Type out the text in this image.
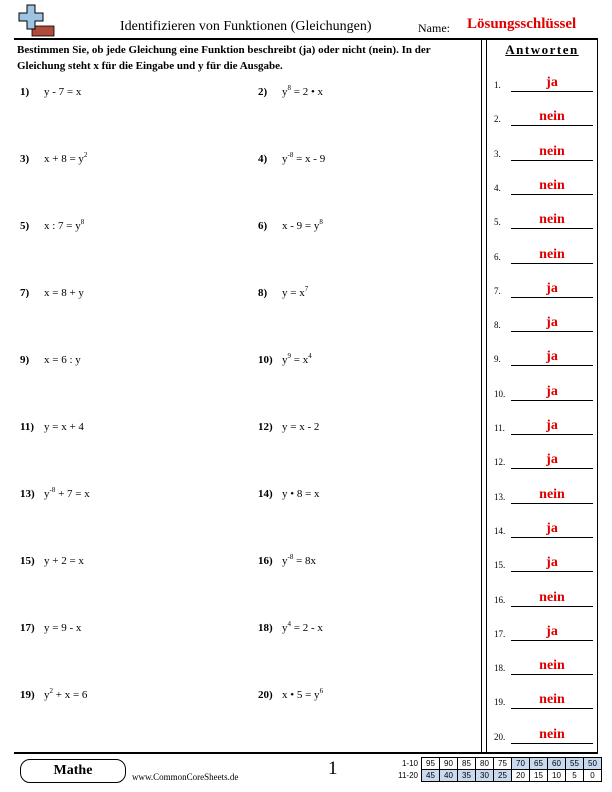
Identifizieren von Funktionen (Gleichungen)	Name: Lösungsschlüssel
Bestimmen Sie, ob jede Gleichung eine Funktion beschreibt (ja) oder nicht (nein). In der Gleichung steht x für die Eingabe und y für die Ausgabe.
Antworten
1) y - 7 = x	2) $y^8 = 2$ • x
3) $x + 8 = y^2$	4) $y^{-8} = x - 9$
5) x : $7 = y^8$	6) $x - 9 = y^8$
7) x = 8 + y	8) $y = x^7$
9) x = 6 : y	10) $y^9 = x^4$
11) y = x + 4	12) y = x - 2
13) $y^{-8} + 7 = x$	14) y • 8 = x
15) y + 2 = x	16) $y^{-8} = 8x$
17) y = 9 - x	18) $y^4 = 2 - x$
19) $y^2 + x = 6$	20) x • $5 = y^6$
1.	ja
2.	nein
3.	nein
4.	nein
5.	nein
6.	nein
7.	ja
8.	ja
9.	ja
10.	ja
11.	ja
12.	ja
13.	nein
14.	ja
15.	ja
16.	nein
17.	ja
18.	nein
19.	nein
20.	nein
Mathe	www.CommonCoreSheets.de	1	1-10	95	90	85	80	75	70	65	60	55	50
11-20	45	40	35	30	25	20	15	10	5	0
